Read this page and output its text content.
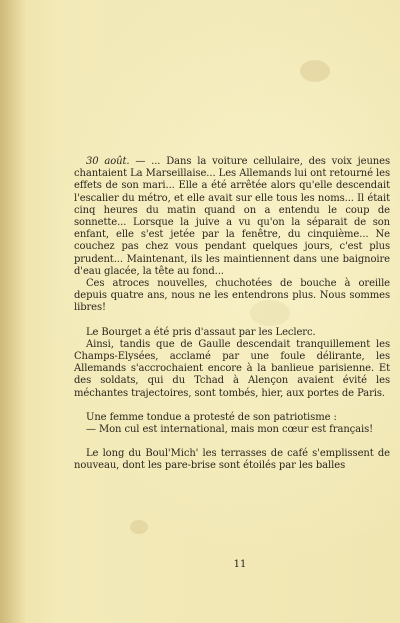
30 août. — ... Dans la voiture cellulaire, des voix jeunes chantaient La Marseillaise... Les Allemands lui ont retourné les effets de son mari... Elle a été arrêtée alors qu'elle descendait l'escalier du métro, et elle avait sur elle tous les noms... Il était cinq heures du matin quand on a entendu le coup de sonnette... Lorsque la juive a vu qu'on la séparait de son enfant, elle s'est jetée par la fenêtre, du cinquième... Ne couchez pas chez vous pendant quelques jours, c'est plus prudent... Maintenant, ils les maintiennent dans une baignoire d'eau glacée, la tête au fond...

Ces atroces nouvelles, chuchotées de bouche à oreille depuis quatre ans, nous ne les entendrons plus. Nous sommes libres!

Le Bourget a été pris d'assaut par les Leclerc.

Ainsi, tandis que de Gaulle descendait tranquillement les Champs-Elysées, acclamé par une foule délirante, les Allemands s'accrochaient encore à la banlieue parisienne. Et des soldats, qui du Tchad à Alençon avaient évité les méchantes trajectoires, sont tombés, hier, aux portes de Paris.

Une femme tondue a protesté de son patriotisme :

— Mon cul est international, mais mon cœur est français!

Le long du Boul'Mich' les terrasses de café s'emplissent de nouveau, dont les pare-brise sont étoilés par les balles

11
